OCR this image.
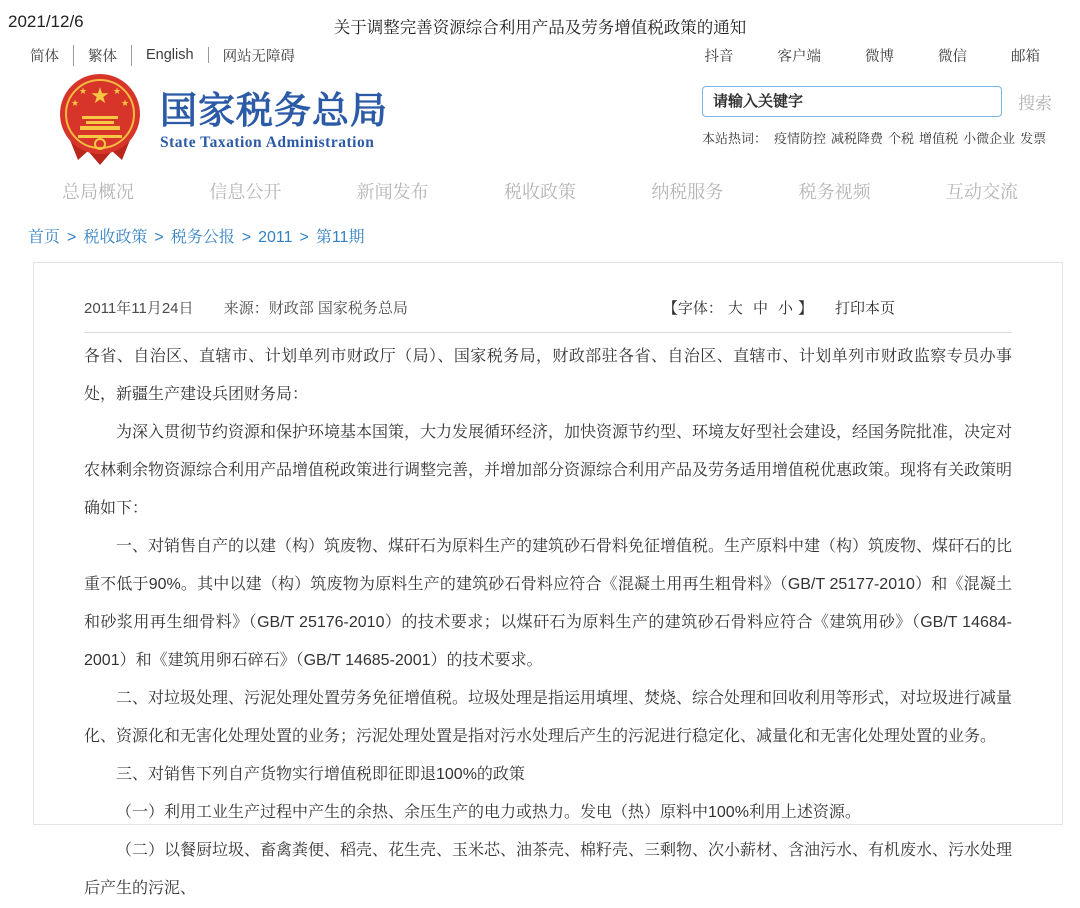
2021/12/6	关于调整完善资源综合利用产品及劳务增值税政策的通知
简体	繁体	English	网站无障碍	抖音	客户端	微博	微信	邮箱
★
★	★
★	★ 国家税务总局
State Taxation Administration
请输入关键字
搜索
本站热词： 疫情防控 减税降费 个税 增值税 小微企业 发票
总局概况	信息公开	新闻发布	税收政策	纳税服务	税务视频	互动交流
首页 > 税收政策 > 税务公报 > 2011 > 第11期
2011年11月24日 来源：财政部 国家税务总局	【字体： 大 中 小 】 打印本页

各省、自治区、直辖市、计划单列市财政厅（局）、国家税务局，财政部驻各省、自治区、直辖市、计划单列市财政监察专员办事处，新疆生产建设兵团财务局：

为深入贯彻节约资源和保护环境基本国策，大力发展循环经济，加快资源节约型、环境友好型社会建设，经国务院批准，决定对农林剩余物资源综合利用产品增值税政策进行调整完善，并增加部分资源综合利用产品及劳务适用增值税优惠政策。现将有关政策明确如下：

一、对销售自产的以建（构）筑废物、煤矸石为原料生产的建筑砂石骨料免征增值税。生产原料中建（构）筑废物、煤矸石的比重不低于90%。其中以建（构）筑废物为原料生产的建筑砂石骨料应符合《混凝土用再生粗骨料》（GB/T 25177-2010）和《混凝土和砂浆用再生细骨料》（GB/T 25176-2010）的技术要求；以煤矸石为原料生产的建筑砂石骨料应符合《建筑用砂》（GB/T 14684-2001）和《建筑用卵石碎石》（GB/T 14685-2001）的技术要求。

二、对垃圾处理、污泥处理处置劳务免征增值税。垃圾处理是指运用填埋、焚烧、综合处理和回收利用等形式，对垃圾进行减量化、资源化和无害化处理处置的业务；污泥处理处置是指对污水处理后产生的污泥进行稳定化、减量化和无害化处理处置的业务。

三、对销售下列自产货物实行增值税即征即退100%的政策

（一）利用工业生产过程中产生的余热、余压生产的电力或热力。发电（热）原料中100%利用上述资源。

（二）以餐厨垃圾、畜禽粪便、稻壳、花生壳、玉米芯、油茶壳、棉籽壳、三剩物、次小薪材、含油污水、有机废水、污水处理后产生的污泥、
